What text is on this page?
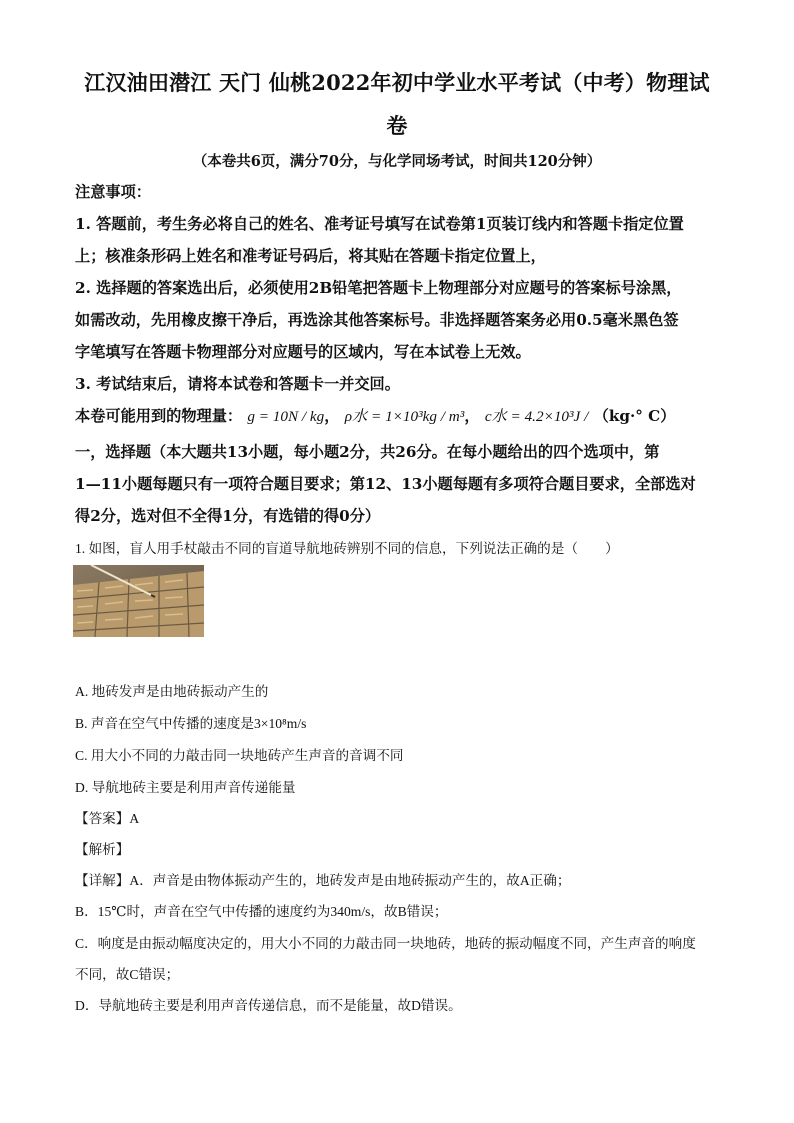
江汉油田潜江 天门 仙桃2022年初中学业水平考试（中考）物理试
卷
（本卷共6页，满分70分，与化学同场考试，时间共120分钟）
注意事项：
1. 答题前，考生务必将自己的姓名、准考证号填写在试卷第1页装订线内和答题卡指定位置
上；核准条形码上姓名和准考证号码后，将其贴在答题卡指定位置上，
2. 选择题的答案选出后，必须使用2B铅笔把答题卡上物理部分对应题号的答案标号涂黑，
如需改动，先用橡皮擦干净后，再选涂其他答案标号。非选择题答案务必用0.5毫米黑色签
字笔填写在答题卡物理部分对应题号的区域内，写在本试卷上无效。
3. 考试结束后，请将本试卷和答题卡一并交回。
本卷可能用到的物理量： g = 10N / kg， ρ水 = 1×10³kg / m³， c水 = 4.2×10³J / （kg·° C）
一，选择题（本大题共13小题，每小题2分，共26分。在每小题给出的四个选项中，第
1—11小题每题只有一项符合题目要求；第12、13小题每题有多项符合题目要求，全部选对
得2分，选对但不全得1分，有选错的得0分）
1. 如图，盲人用手杖敲击不同的盲道导航地砖辨别不同的信息，下列说法正确的是（　　）
A. 地砖发声是由地砖振动产生的
B. 声音在空气中传播的速度是3×10⁸m/s
C. 用大小不同的力敲击同一块地砖产生声音的音调不同
D. 导航地砖主要是利用声音传递能量
【答案】A
【解析】
【详解】A．声音是由物体振动产生的，地砖发声是由地砖振动产生的，故A正确；
B．15℃时，声音在空气中传播的速度约为340m/s，故B错误；
C．响度是由振动幅度决定的，用大小不同的力敲击同一块地砖，地砖的振动幅度不同，产生声音的响度
不同，故C错误；
D．导航地砖主要是利用声音传递信息，而不是能量，故D错误。
